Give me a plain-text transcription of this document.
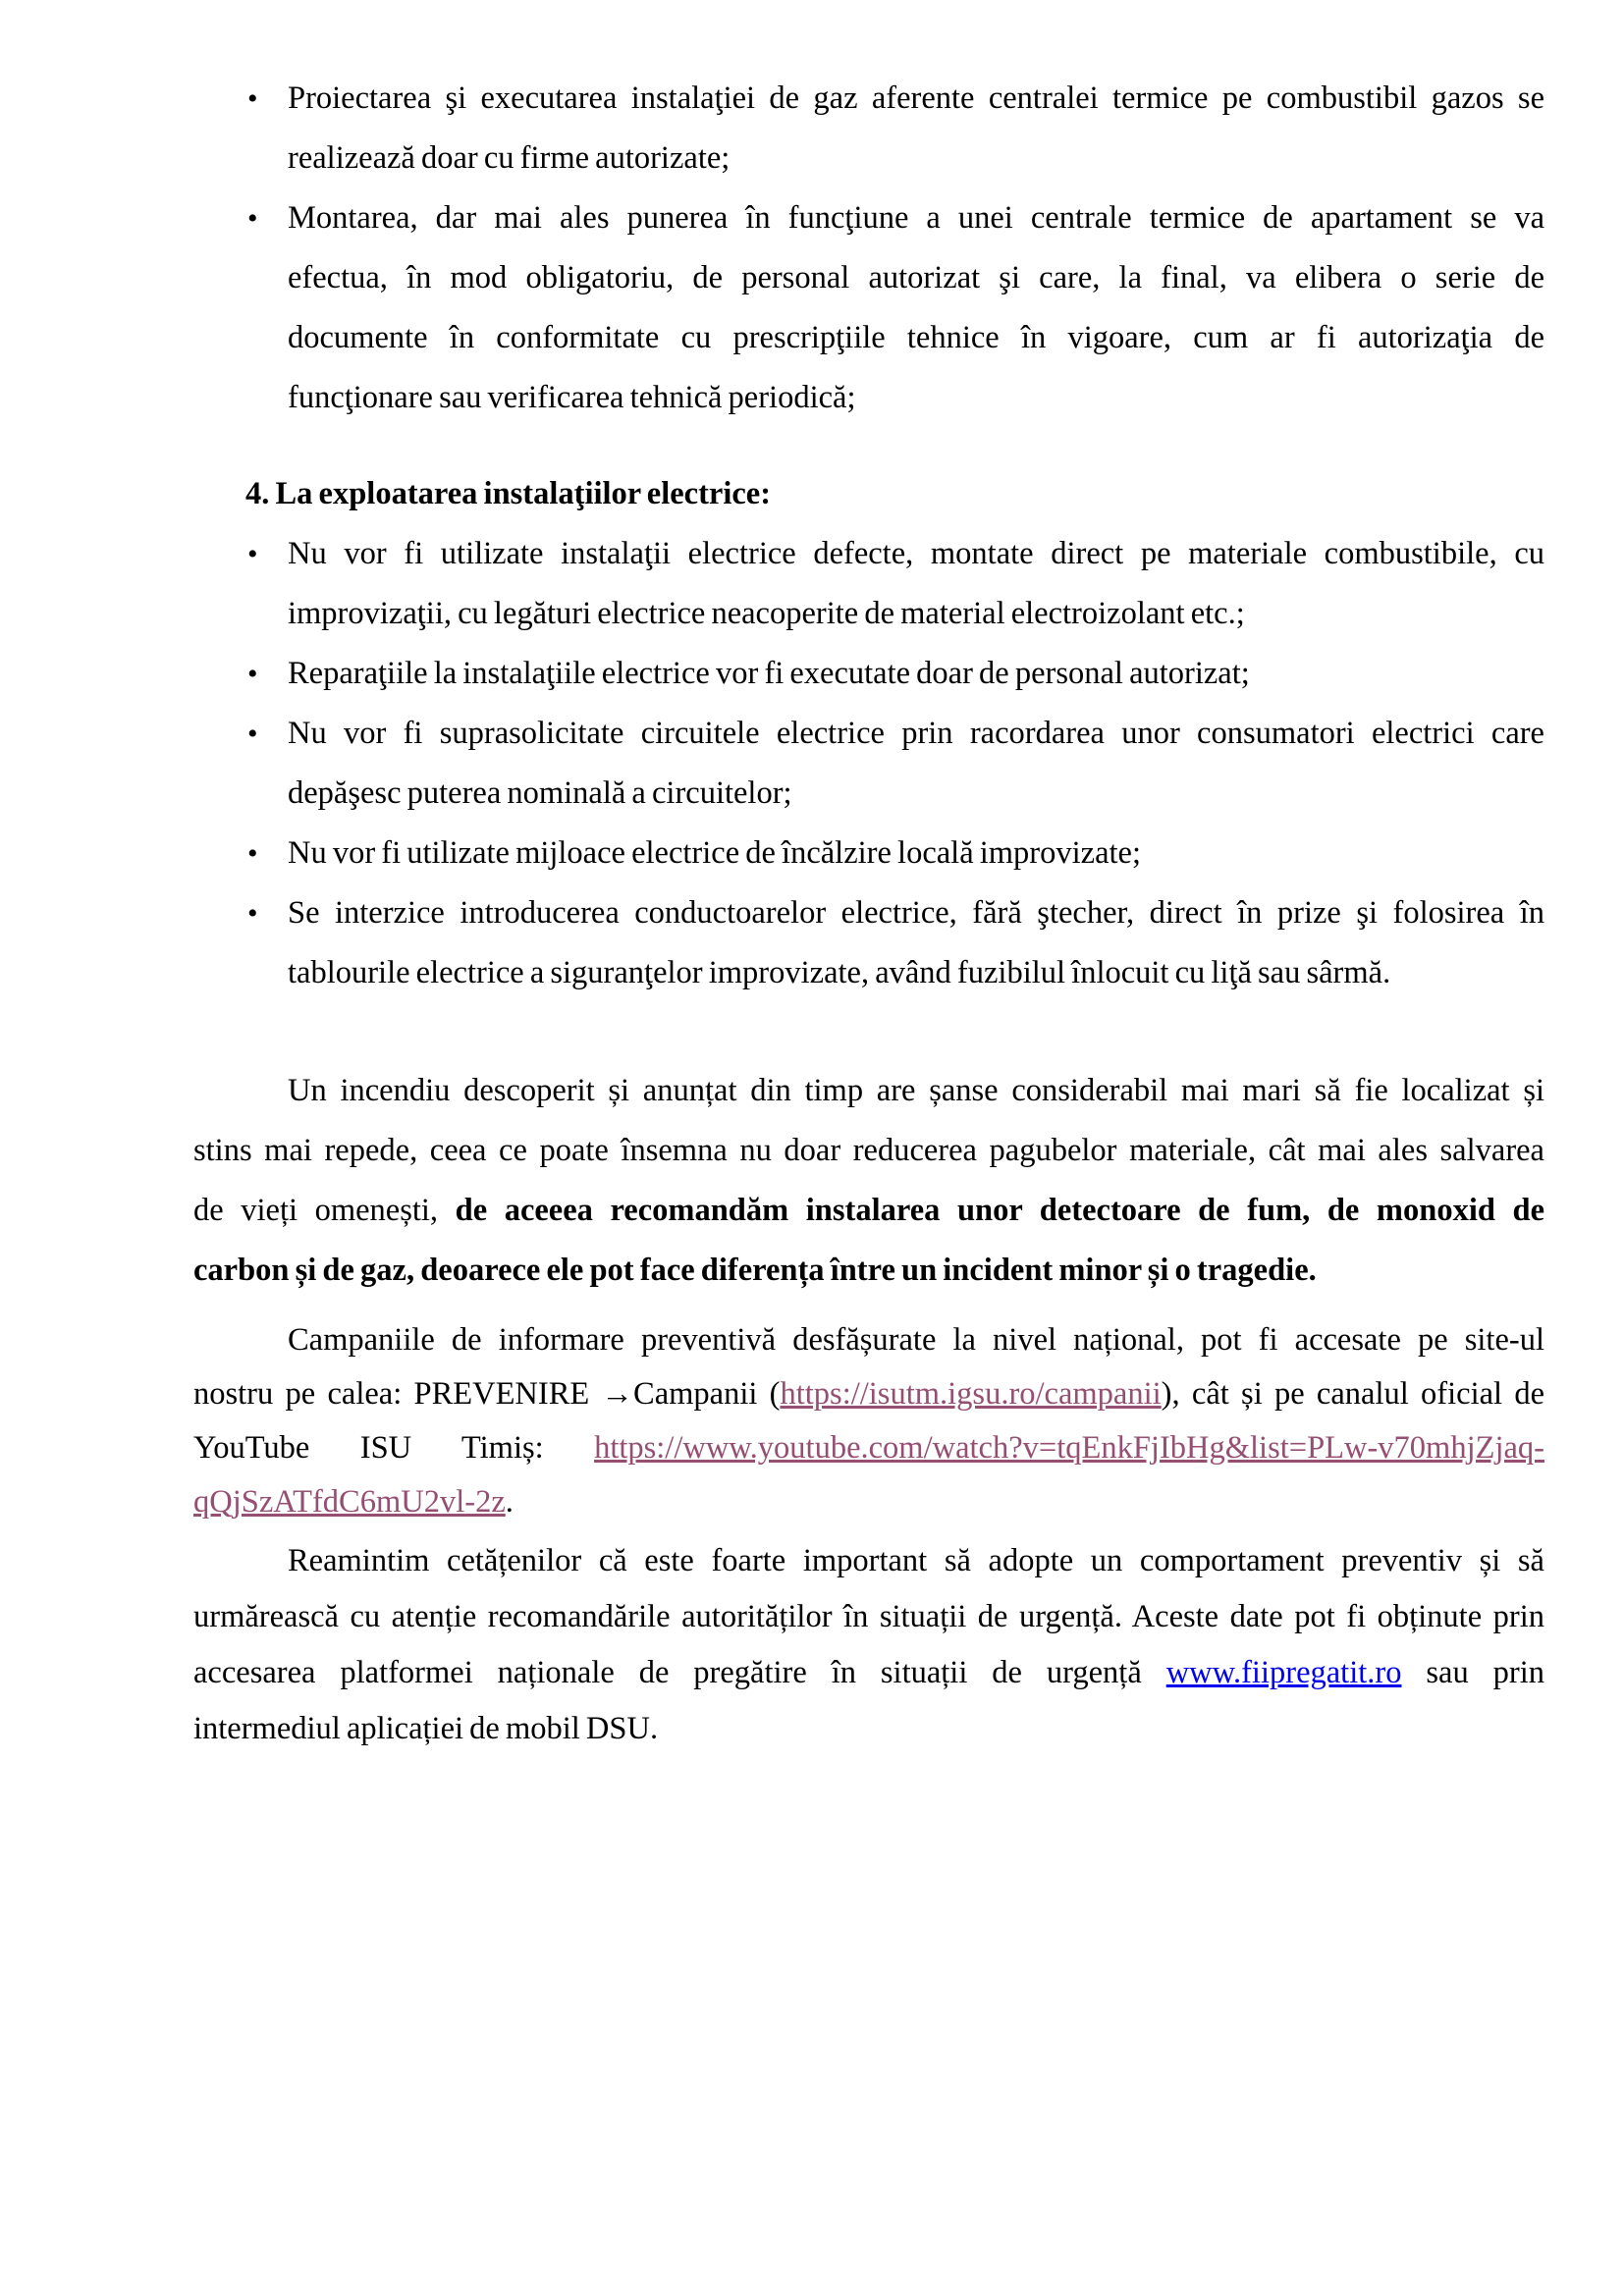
• Proiectarea şi executarea instalaţiei de gaz aferente centralei termice pe combustibil gazos se
realizează doar cu firme autorizate;
• Montarea, dar mai ales punerea în funcţiune a unei centrale termice de apartament se va
efectua, în mod obligatoriu, de personal autorizat şi care, la final, va elibera o serie de
documente în conformitate cu prescripţiile tehnice în vigoare, cum ar fi autorizaţia de
funcţionare sau verificarea tehnică periodică;
4. La exploatarea instalaţiilor electrice:
• Nu vor fi utilizate instalaţii electrice defecte, montate direct pe materiale combustibile, cu
improvizaţii, cu legături electrice neacoperite de material electroizolant etc.;
• Reparaţiile la instalaţiile electrice vor fi executate doar de personal autorizat;
• Nu vor fi suprasolicitate circuitele electrice prin racordarea unor consumatori electrici care
depăşesc puterea nominală a circuitelor;
• Nu vor fi utilizate mijloace electrice de încălzire locală improvizate;
• Se interzice introducerea conductoarelor electrice, fără ştecher, direct în prize şi folosirea în
tablourile electrice a siguranţelor improvizate, având fuzibilul înlocuit cu liţă sau sârmă.
Un incendiu descoperit și anunțat din timp are șanse considerabil mai mari să fie localizat și
stins mai repede, ceea ce poate însemna nu doar reducerea pagubelor materiale, cât mai ales salvarea
de vieți omenești, de aceeea recomandăm instalarea unor detectoare de fum, de monoxid de
carbon și de gaz, deoarece ele pot face diferența între un incident minor și o tragedie.
Campaniile de informare preventivă desfășurate la nivel național, pot fi accesate pe site-ul
nostru pe calea: PREVENIRE →Campanii (https://isutm.igsu.ro/campanii), cât și pe canalul oficial de
YouTube ISU Timiș: https://www.youtube.com/watch?v=tqEnkFjIbHg&list=PLw-v70mhjZjaq-
qQjSzATfdC6mU2vl-2z.
Reamintim cetățenilor că este foarte important să adopte un comportament preventiv și să
urmărească cu atenție recomandările autorităților în situații de urgență. Aceste date pot fi obținute prin
accesarea platformei naționale de pregătire în situații de urgență www.fiipregatit.ro sau prin
intermediul aplicației de mobil DSU.
